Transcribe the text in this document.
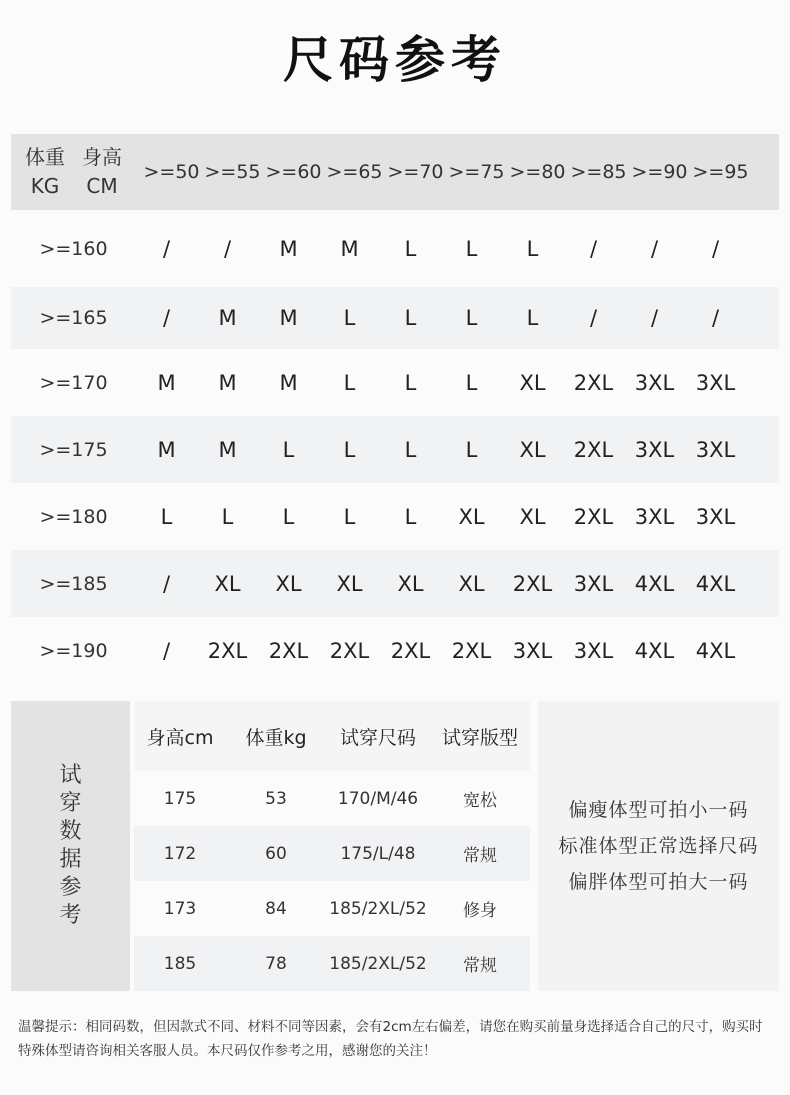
尺码参考
体重
KG
身高
CM
>=50 >=55 >=60 >=65 >=70 >=75 >=80 >=85 >=90 >=95
>=160	/	/	M	M	L	L	L	/	/	/
>=165	/	M	M	L	L	L	L	/	/	/
>=170	M	M	M	L	L	L	XL	2XL	3XL	3XL
>=175	M	M	L	L	L	L	XL	2XL	3XL	3XL
>=180	L	L	L	L	L	XL	XL	2XL	3XL	3XL
>=185	/	XL	XL	XL	XL	XL	2XL	3XL	4XL	4XL
>=190	/	2XL	2XL	2XL	2XL	2XL	3XL	3XL	4XL	4XL
试穿数据参考
身高cm	体重kg	试穿尺码	试穿版型
175	53	170/M/46	宽松
172	60	175/L/48	常规
173	84	185/2XL/52	修身
185	78	185/2XL/52	常规
偏瘦体型可拍小一码
标准体型正常选择尺码
偏胖体型可拍大一码
温馨提示：相同码数，但因款式不同、材料不同等因素，会有2cm左右偏差，请您在购买前量身选择适合自己的尺寸，购买时特殊体型请咨询相关客服人员。本尺码仅作参考之用，感谢您的关注！
